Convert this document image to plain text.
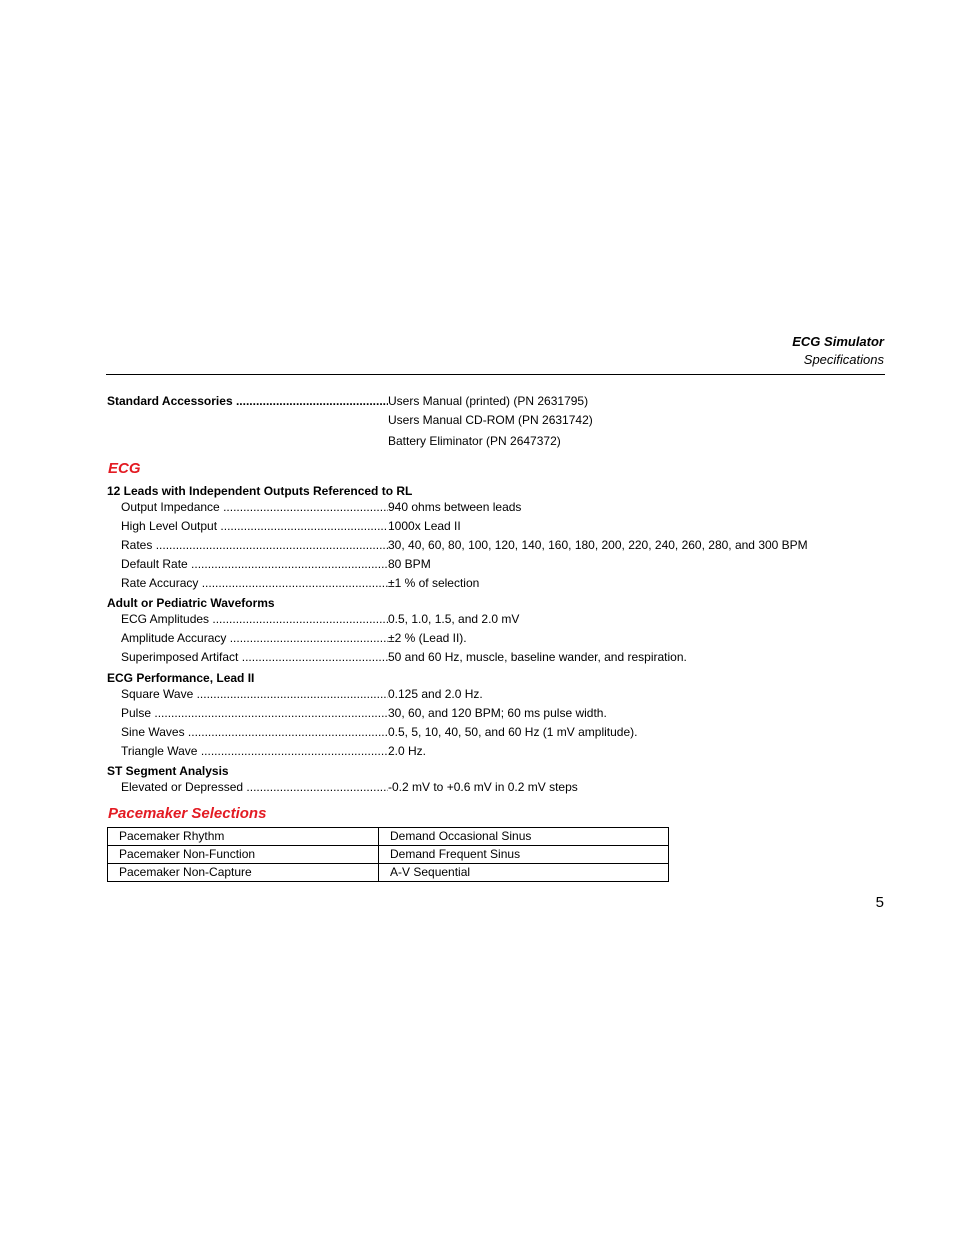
ECG Simulator
Specifications
Standard Accessories .....	Users Manual (printed) (PN 2631795)
Users Manual CD-ROM (PN 2631742)
Battery Eliminator (PN 2647372)
ECG
12 Leads with Independent Outputs Referenced to RL
Output Impedance .....	940 ohms between leads
High Level Output .....	1000x Lead II
Rates .....	30, 40, 60, 80, 100, 120, 140, 160, 180, 200, 220, 240, 260, 280, and 300 BPM
Default Rate .....	80 BPM
Rate Accuracy .....	±1 % of selection
Adult or Pediatric Waveforms
ECG Amplitudes .....	0.5, 1.0, 1.5, and 2.0 mV
Amplitude Accuracy .....	±2 % (Lead II).
Superimposed Artifact .....	50 and 60 Hz, muscle, baseline wander, and respiration.
ECG Performance, Lead II
Square Wave .....	0.125 and 2.0 Hz.
Pulse .....	30, 60, and 120 BPM; 60 ms pulse width.
Sine Waves .....	0.5, 5, 10, 40, 50, and 60 Hz (1 mV amplitude).
Triangle Wave .....	2.0 Hz.
ST Segment Analysis
Elevated or Depressed .....	-0.2 mV to +0.6 mV in 0.2 mV steps
Pacemaker Selections
Pacemaker Rhythm	Demand Occasional Sinus
Pacemaker Non-Function	Demand Frequent Sinus
Pacemaker Non-Capture	A-V Sequential
5
